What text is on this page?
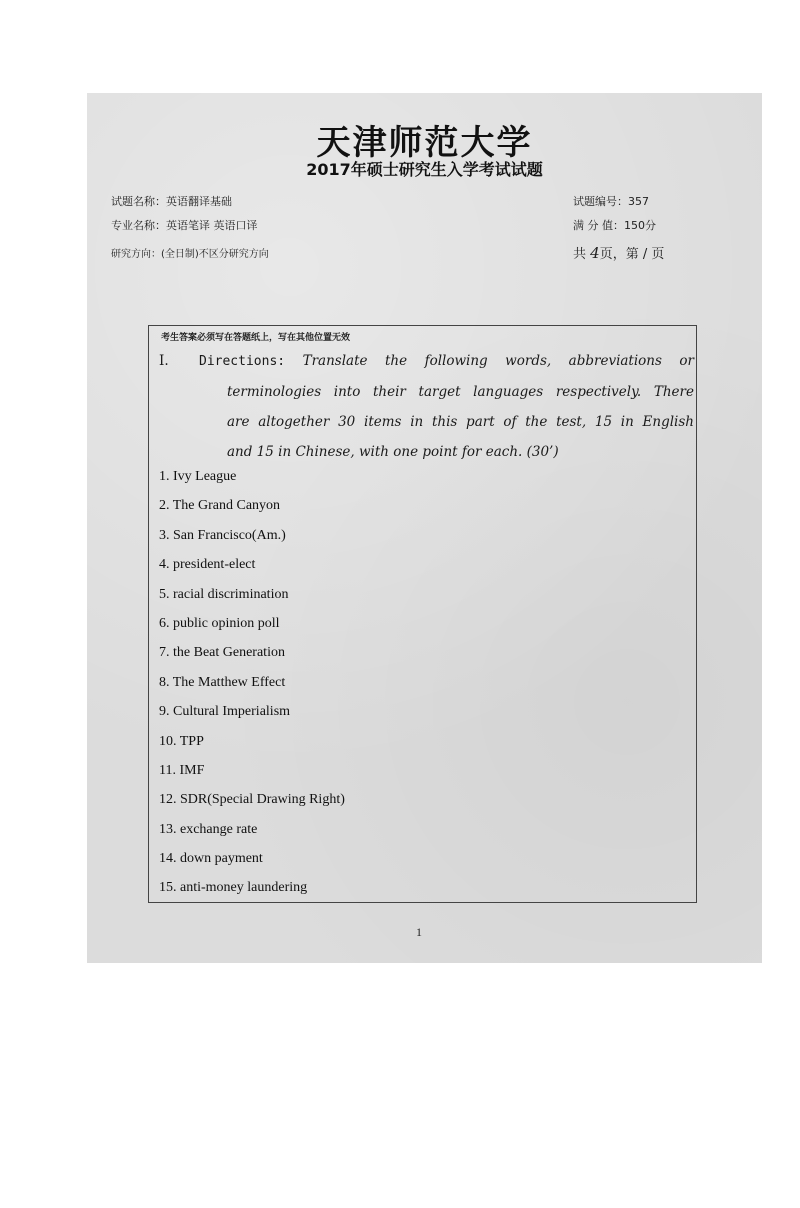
天津师范大学
2017年硕士研究生入学考试试题
试题名称：英语翻译基础
专业名称：英语笔译 英语口译
研究方向：(全日制)不区分研究方向
试题编号：357
满 分 值：150分
共 4页，第 / 页
考生答案必须写在答题纸上，写在其他位置无效
I. Directions: Translate the following words, abbreviations or
terminologies into their target languages respectively. There
are altogether 30 items in this part of the test, 15 in English
and 15 in Chinese, with one point for each. (30’)
1. Ivy League
2. The Grand Canyon
3. San Francisco(Am.)
4. president-elect
5. racial discrimination
6. public opinion poll
7. the Beat Generation
8. The Matthew Effect
9. Cultural Imperialism
10. TPP
11. IMF
12. SDR(Special Drawing Right)
13. exchange rate
14. down payment
15. anti-money laundering
1
